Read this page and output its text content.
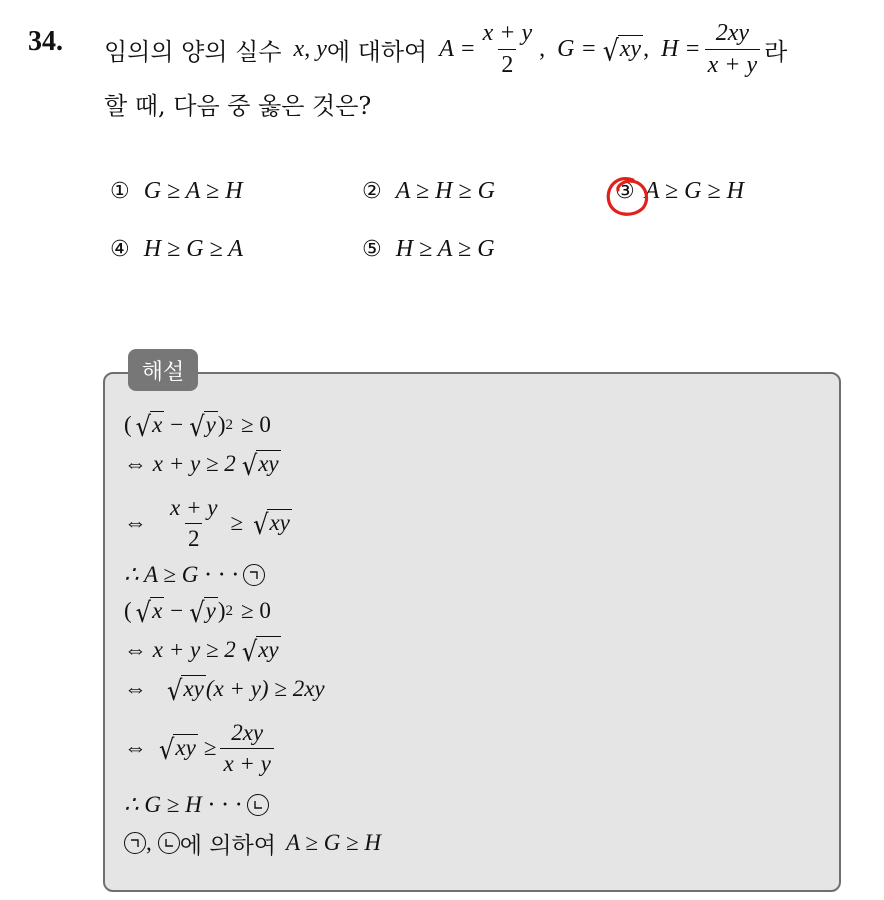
34. 임의의 양의 실수 x , y 에 대하여 $A = \frac{x + y}{2}$ , G = √ xy , $H = \frac{2xy}{x + y}$ 라
할 때, 다음 중 옳은 것은?
① G ≥ A ≥ H	② A ≥ H ≥ G	③ A ≥ G ≥ H
④ H ≥ G ≥ A	⑤ H ≥ A ≥ G
해설
( √ x − √ y ) 2 ≥ 0
⇔ x + y ≥ 2 √ xy
⇔ $\frac{x + y}{2}$ ≥ √ xy
∴ A ≥ G ⋅ ⋅ ⋅
( √ x − √ y ) 2 ≥ 0
⇔ x + y ≥ 2 √ xy
⇔ √ xy (x + y) ≥ 2xy
⇔ √ xy ≥ $\frac{2xy}{x + y}$
∴ G ≥ H ⋅ ⋅ ⋅
, 에 의하여 A ≥ G ≥ H
